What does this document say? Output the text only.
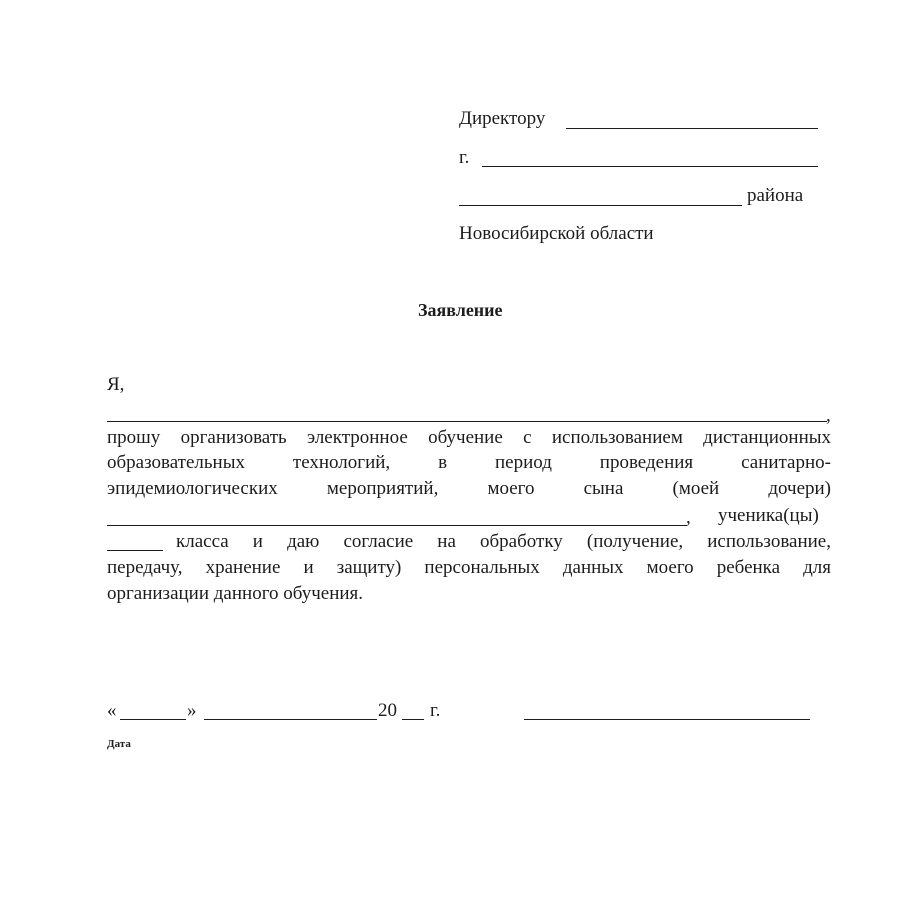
Директору
г.
района
Новосибирской области
Заявление
Я,
,
прошу организовать электронное обучение с использованием дистанционных
образовательных технологий, в период проведения санитарно-
эпидемиологических мероприятий, моего сына (моей дочери)
, ученика(цы)
класса и даю согласие на обработку (получение, использование,
передачу, хранение и защиту) персональных данных моего ребенка для
организации данного обучения.
«	»	20 г.
Дата
